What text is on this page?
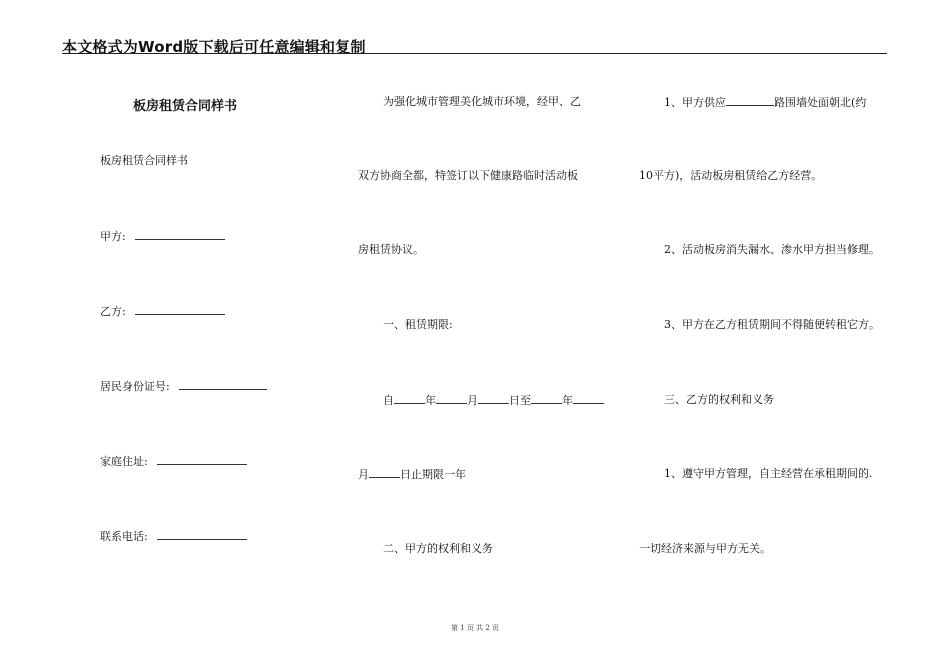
本文格式为Word版下载后可任意编辑和复制
板房租赁合同样书
板房租赁合同样书
甲方:
乙方:
居民身份证号:
家庭住址:
联系电话:
为强化城市管理美化城市环境，经甲、乙
双方协商全都，特签订以下健康路临时活动板
房租赁协议。
一、租赁期限:
自	年	月	日至	年
月	日止期限一年
二、甲方的权利和义务
1、甲方供应	路围墙处面朝北(约
10平方)，活动板房租赁给乙方经营。
2、活动板房消失漏水、渗水甲方担当修理。
3、甲方在乙方租赁期间不得随便转租它方。
三、乙方的权利和义务
1、遵守甲方管理，自主经营在承租期间的.
一切经济来源与甲方无关。
第 1 页 共 2 页
